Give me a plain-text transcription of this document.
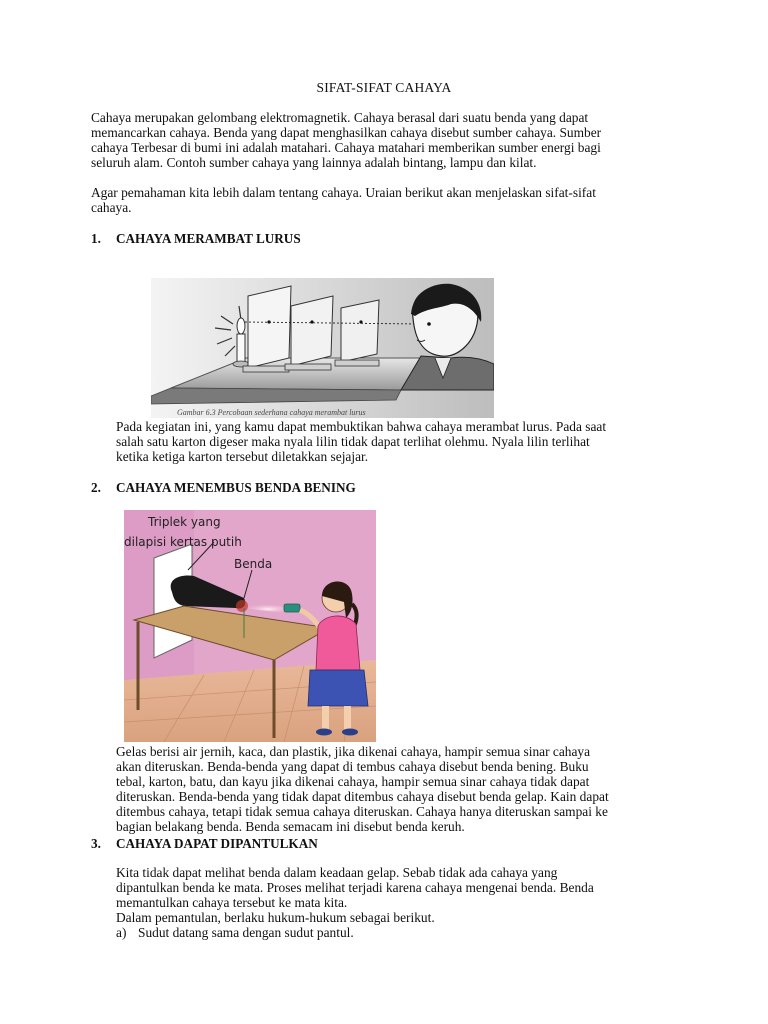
SIFAT-SIFAT CAHAYA
Cahaya merupakan gelombang elektromagnetik. Cahaya berasal dari suatu benda yang dapat
memancarkan cahaya. Benda yang dapat menghasilkan cahaya disebut sumber cahaya. Sumber
cahaya Terbesar di bumi ini adalah matahari. Cahaya matahari memberikan sumber energi bagi
seluruh alam. Contoh sumber cahaya yang lainnya adalah bintang, lampu dan kilat.
Agar pemahaman kita lebih dalam tentang cahaya. Uraian berikut akan menjelaskan sifat-sifat
cahaya.
1. CAHAYA MERAMBAT LURUS
Gambar 6.3 Percobaan sederhana cahaya merambat lurus
Pada kegiatan ini, yang kamu dapat membuktikan bahwa cahaya merambat lurus. Pada saat
salah satu karton digeser maka nyala lilin tidak dapat terlihat olehmu. Nyala lilin terlihat
ketika ketiga karton tersebut diletakkan sejajar.
2. CAHAYA MENEMBUS BENDA BENING
Triplek yang
dilapisi kertas putih
Benda
Gelas berisi air jernih, kaca, dan plastik, jika dikenai cahaya, hampir semua sinar cahaya
akan diteruskan. Benda-benda yang dapat di tembus cahaya disebut benda bening. Buku
tebal, karton, batu, dan kayu jika dikenai cahaya, hampir semua sinar cahaya tidak dapat
diteruskan. Benda-benda yang tidak dapat ditembus cahaya disebut benda gelap. Kain dapat
ditembus cahaya, tetapi tidak semua cahaya diteruskan. Cahaya hanya diteruskan sampai ke
bagian belakang benda. Benda semacam ini disebut benda keruh.
3. CAHAYA DAPAT DIPANTULKAN
Kita tidak dapat melihat benda dalam keadaan gelap. Sebab tidak ada cahaya yang
dipantulkan benda ke mata. Proses melihat terjadi karena cahaya mengenai benda. Benda
memantulkan cahaya tersebut ke mata kita.
Dalam pemantulan, berlaku hukum-hukum sebagai berikut.
a) Sudut datang sama dengan sudut pantul.
